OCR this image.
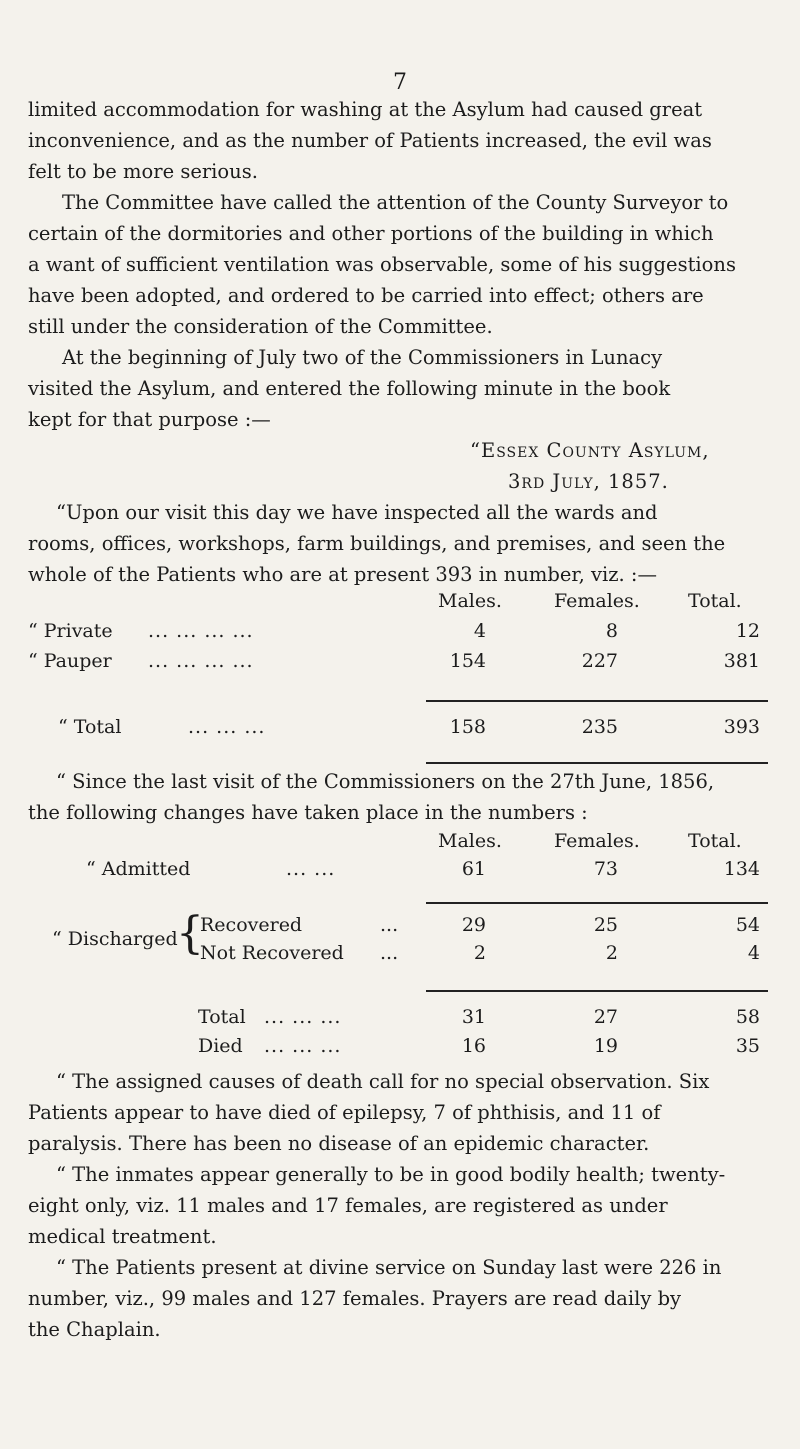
7

limited accommodation for washing at the Asylum had caused great
inconvenience, and as the number of Patients increased, the evil was
felt to be more serious.

The Committee have called the attention of the County Surveyor to
certain of the dormitories and other portions of the building in which
a want of sufficient ventilation was observable, some of his suggestions
have been adopted, and ordered to be carried into effect; others are
still under the consideration of the Committee.

At the beginning of July two of the Commissioners in Lunacy
visited the Asylum, and entered the following minute in the book
kept for that purpose :—

“Essex County Asylum,
3rd July, 1857.

“Upon our visit this day we have inspected all the wards and
rooms, offices, workshops, farm buildings, and premises, and seen the
whole of the Patients who are at present 393 in number, viz. :—

Males.	Females.	Total.
“ Private ... ... ... ...	4	8	12
“ Pauper ... ... ... ...	154	227	381
“ Total	... ... ...	158	235	393

“ Since the last visit of the Commissioners on the 27th June, 1856,
the following changes have taken place in the numbers :

Males.	Females.	Total.
“ Admitted	... ...	61	73	134
“ Discharged
{
Recovered	...	29	25	54
Not Recovered ...	2	2	4
Total ... ... ...	31	27	58
Died ... ... ...	16	19	35

“ The assigned causes of death call for no special observation. Six
Patients appear to have died of epilepsy, 7 of phthisis, and 11 of
paralysis. There has been no disease of an epidemic character.

“ The inmates appear generally to be in good bodily health; twenty-
eight only, viz. 11 males and 17 females, are registered as under
medical treatment.

“ The Patients present at divine service on Sunday last were 226 in
number, viz., 99 males and 127 females. Prayers are read daily by
the Chaplain.
